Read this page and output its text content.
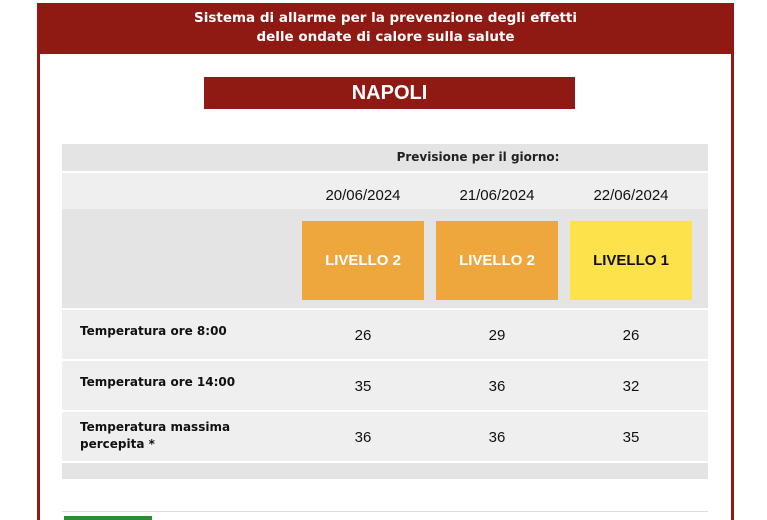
Sistema di allarme per la prevenzione degli effetti
delle ondate di calore sulla salute
NAPOLI
Previsione per il giorno:
20/06/2024	21/06/2024	22/06/2024
LIVELLO 2	LIVELLO 2	LIVELLO 1
Temperatura ore 8:00	26	29	26
Temperatura ore 14:00	35	36	32
Temperatura massima
percepita *	36	36	35
